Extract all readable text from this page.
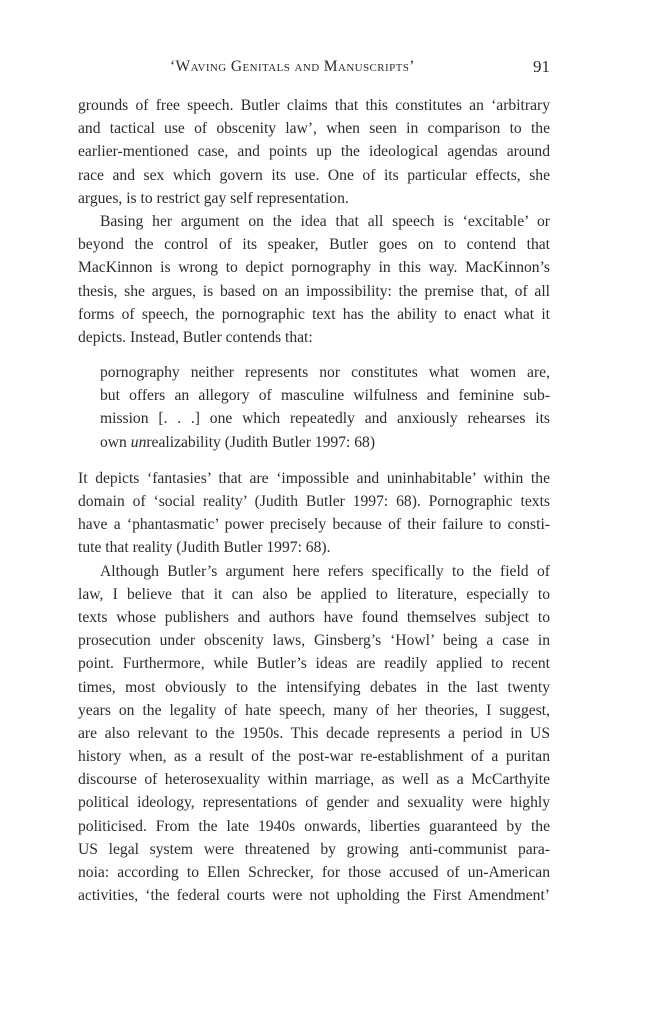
‘Waving Genitals and Manuscripts’	91
grounds of free speech. Butler claims that this constitutes an ‘arbitrary
and tactical use of obscenity law’, when seen in comparison to the
earlier-mentioned case, and points up the ideological agendas around
race and sex which govern its use. One of its particular effects, she
argues, is to restrict gay self representation.
Basing her argument on the idea that all speech is ‘excitable’ or
beyond the control of its speaker, Butler goes on to contend that
MacKinnon is wrong to depict pornography in this way. MacKinnon’s
thesis, she argues, is based on an impossibility: the premise that, of all
forms of speech, the pornographic text has the ability to enact what it
depicts. Instead, Butler contends that:
pornography neither represents nor constitutes what women are,
but offers an allegory of masculine wilfulness and feminine sub-
mission [. . .] one which repeatedly and anxiously rehearses its
own unrealizability (Judith Butler 1997: 68)
It depicts ‘fantasies’ that are ‘impossible and uninhabitable’ within the
domain of ‘social reality’ (Judith Butler 1997: 68). Pornographic texts
have a ‘phantasmatic’ power precisely because of their failure to consti-
tute that reality (Judith Butler 1997: 68).
Although Butler’s argument here refers specifically to the field of
law, I believe that it can also be applied to literature, especially to
texts whose publishers and authors have found themselves subject to
prosecution under obscenity laws, Ginsberg’s ‘Howl’ being a case in
point. Furthermore, while Butler’s ideas are readily applied to recent
times, most obviously to the intensifying debates in the last twenty
years on the legality of hate speech, many of her theories, I suggest,
are also relevant to the 1950s. This decade represents a period in US
history when, as a result of the post-war re-establishment of a puritan
discourse of heterosexuality within marriage, as well as a McCarthyite
political ideology, representations of gender and sexuality were highly
politicised. From the late 1940s onwards, liberties guaranteed by the
US legal system were threatened by growing anti-communist para-
noia: according to Ellen Schrecker, for those accused of un-American
activities, ‘the federal courts were not upholding the First Amendment’
